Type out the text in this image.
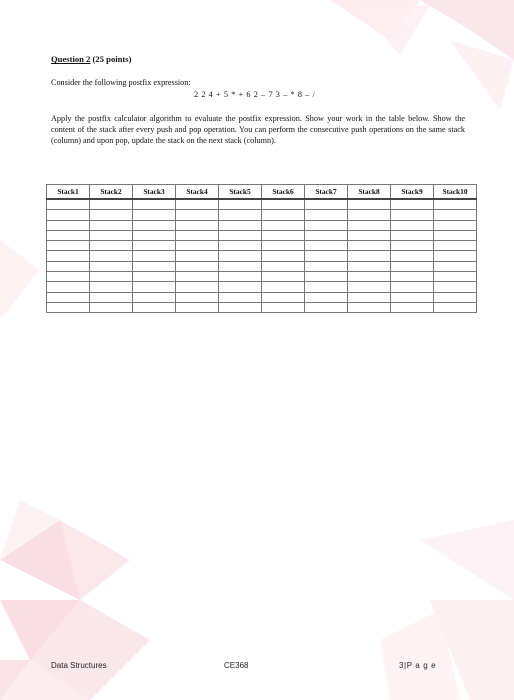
Question 2 (25 points)
Consider the following postfix expression:
2 2 4 + 5 * + 6 2 – 7 3 – * 8 – /
Apply the postfix calculator algorithm to evaluate the postfix expression. Show your work in the table below. Show the content of the stack after every push and pop operation. You can perform the consecutive push operations on the same stack (column) and upon pop, update the stack on the next stack (column).
Stack1	Stack2	Stack3	Stack4	Stack5	Stack6	Stack7	Stack8	Stack9	Stack10

Data Structures	CE368	3|P a g e
